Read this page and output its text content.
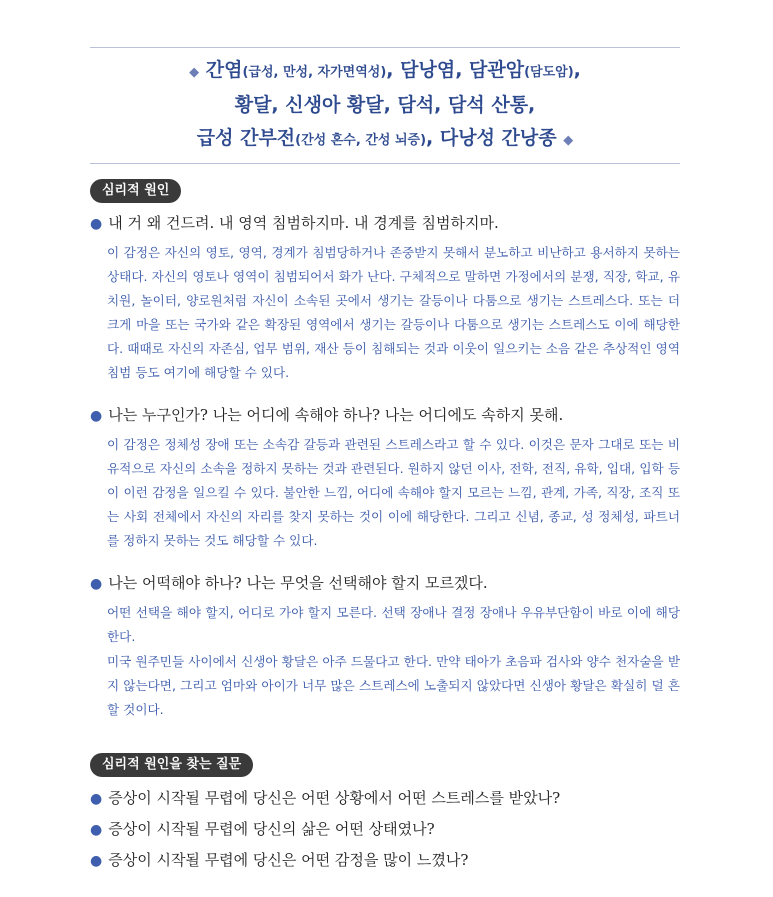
◆ 간염(급성, 만성, 자가면역성), 담낭염, 담관암(담도암),
황달, 신생아 황달, 담석, 담석 산통,
급성 간부전(간성 혼수, 간성 뇌증), 다낭성 간낭종 ◆
심리적 원인
● 내 거 왜 건드려. 내 영역 침범하지마. 내 경계를 침범하지마.
이 감정은 자신의 영토, 영역, 경계가 침범당하거나 존중받지 못해서 분노하고 비난하고 용서하지 못하는 상태다. 자신의 영토나 영역이 침범되어서 화가 난다. 구체적으로 말하면 가정에서의 분쟁, 직장, 학교, 유치원, 놀이터, 양로원처럼 자신이 소속된 곳에서 생기는 갈등이나 다툼으로 생기는 스트레스다. 또는 더 크게 마을 또는 국가와 같은 확장된 영역에서 생기는 갈등이나 다툼으로 생기는 스트레스도 이에 해당한다. 때때로 자신의 자존심, 업무 범위, 재산 등이 침해되는 것과 이웃이 일으키는 소음 같은 추상적인 영역 침범 등도 여기에 해당할 수 있다.
● 나는 누구인가? 나는 어디에 속해야 하나? 나는 어디에도 속하지 못해.
이 감정은 정체성 장애 또는 소속감 갈등과 관련된 스트레스라고 할 수 있다. 이것은 문자 그대로 또는 비유적으로 자신의 소속을 정하지 못하는 것과 관련된다. 원하지 않던 이사, 전학, 전직, 유학, 입대, 입학 등이 이런 감정을 일으킬 수 있다. 불안한 느낌, 어디에 속해야 할지 모르는 느낌, 관계, 가족, 직장, 조직 또는 사회 전체에서 자신의 자리를 찾지 못하는 것이 이에 해당한다. 그리고 신념, 종교, 성 정체성, 파트너를 정하지 못하는 것도 해당할 수 있다.
● 나는 어떡해야 하나? 나는 무엇을 선택해야 할지 모르겠다.
어떤 선택을 해야 할지, 어디로 가야 할지 모른다. 선택 장애나 결정 장애나 우유부단함이 바로 이에 해당한다.
미국 원주민들 사이에서 신생아 황달은 아주 드물다고 한다. 만약 태아가 초음파 검사와 양수 천자술을 받지 않는다면, 그리고 엄마와 아이가 너무 많은 스트레스에 노출되지 않았다면 신생아 황달은 확실히 덜 흔할 것이다.
심리적 원인을 찾는 질문
● 증상이 시작될 무렵에 당신은 어떤 상황에서 어떤 스트레스를 받았나?
● 증상이 시작될 무렵에 당신의 삶은 어떤 상태였나?
● 증상이 시작될 무렵에 당신은 어떤 감정을 많이 느꼈나?
